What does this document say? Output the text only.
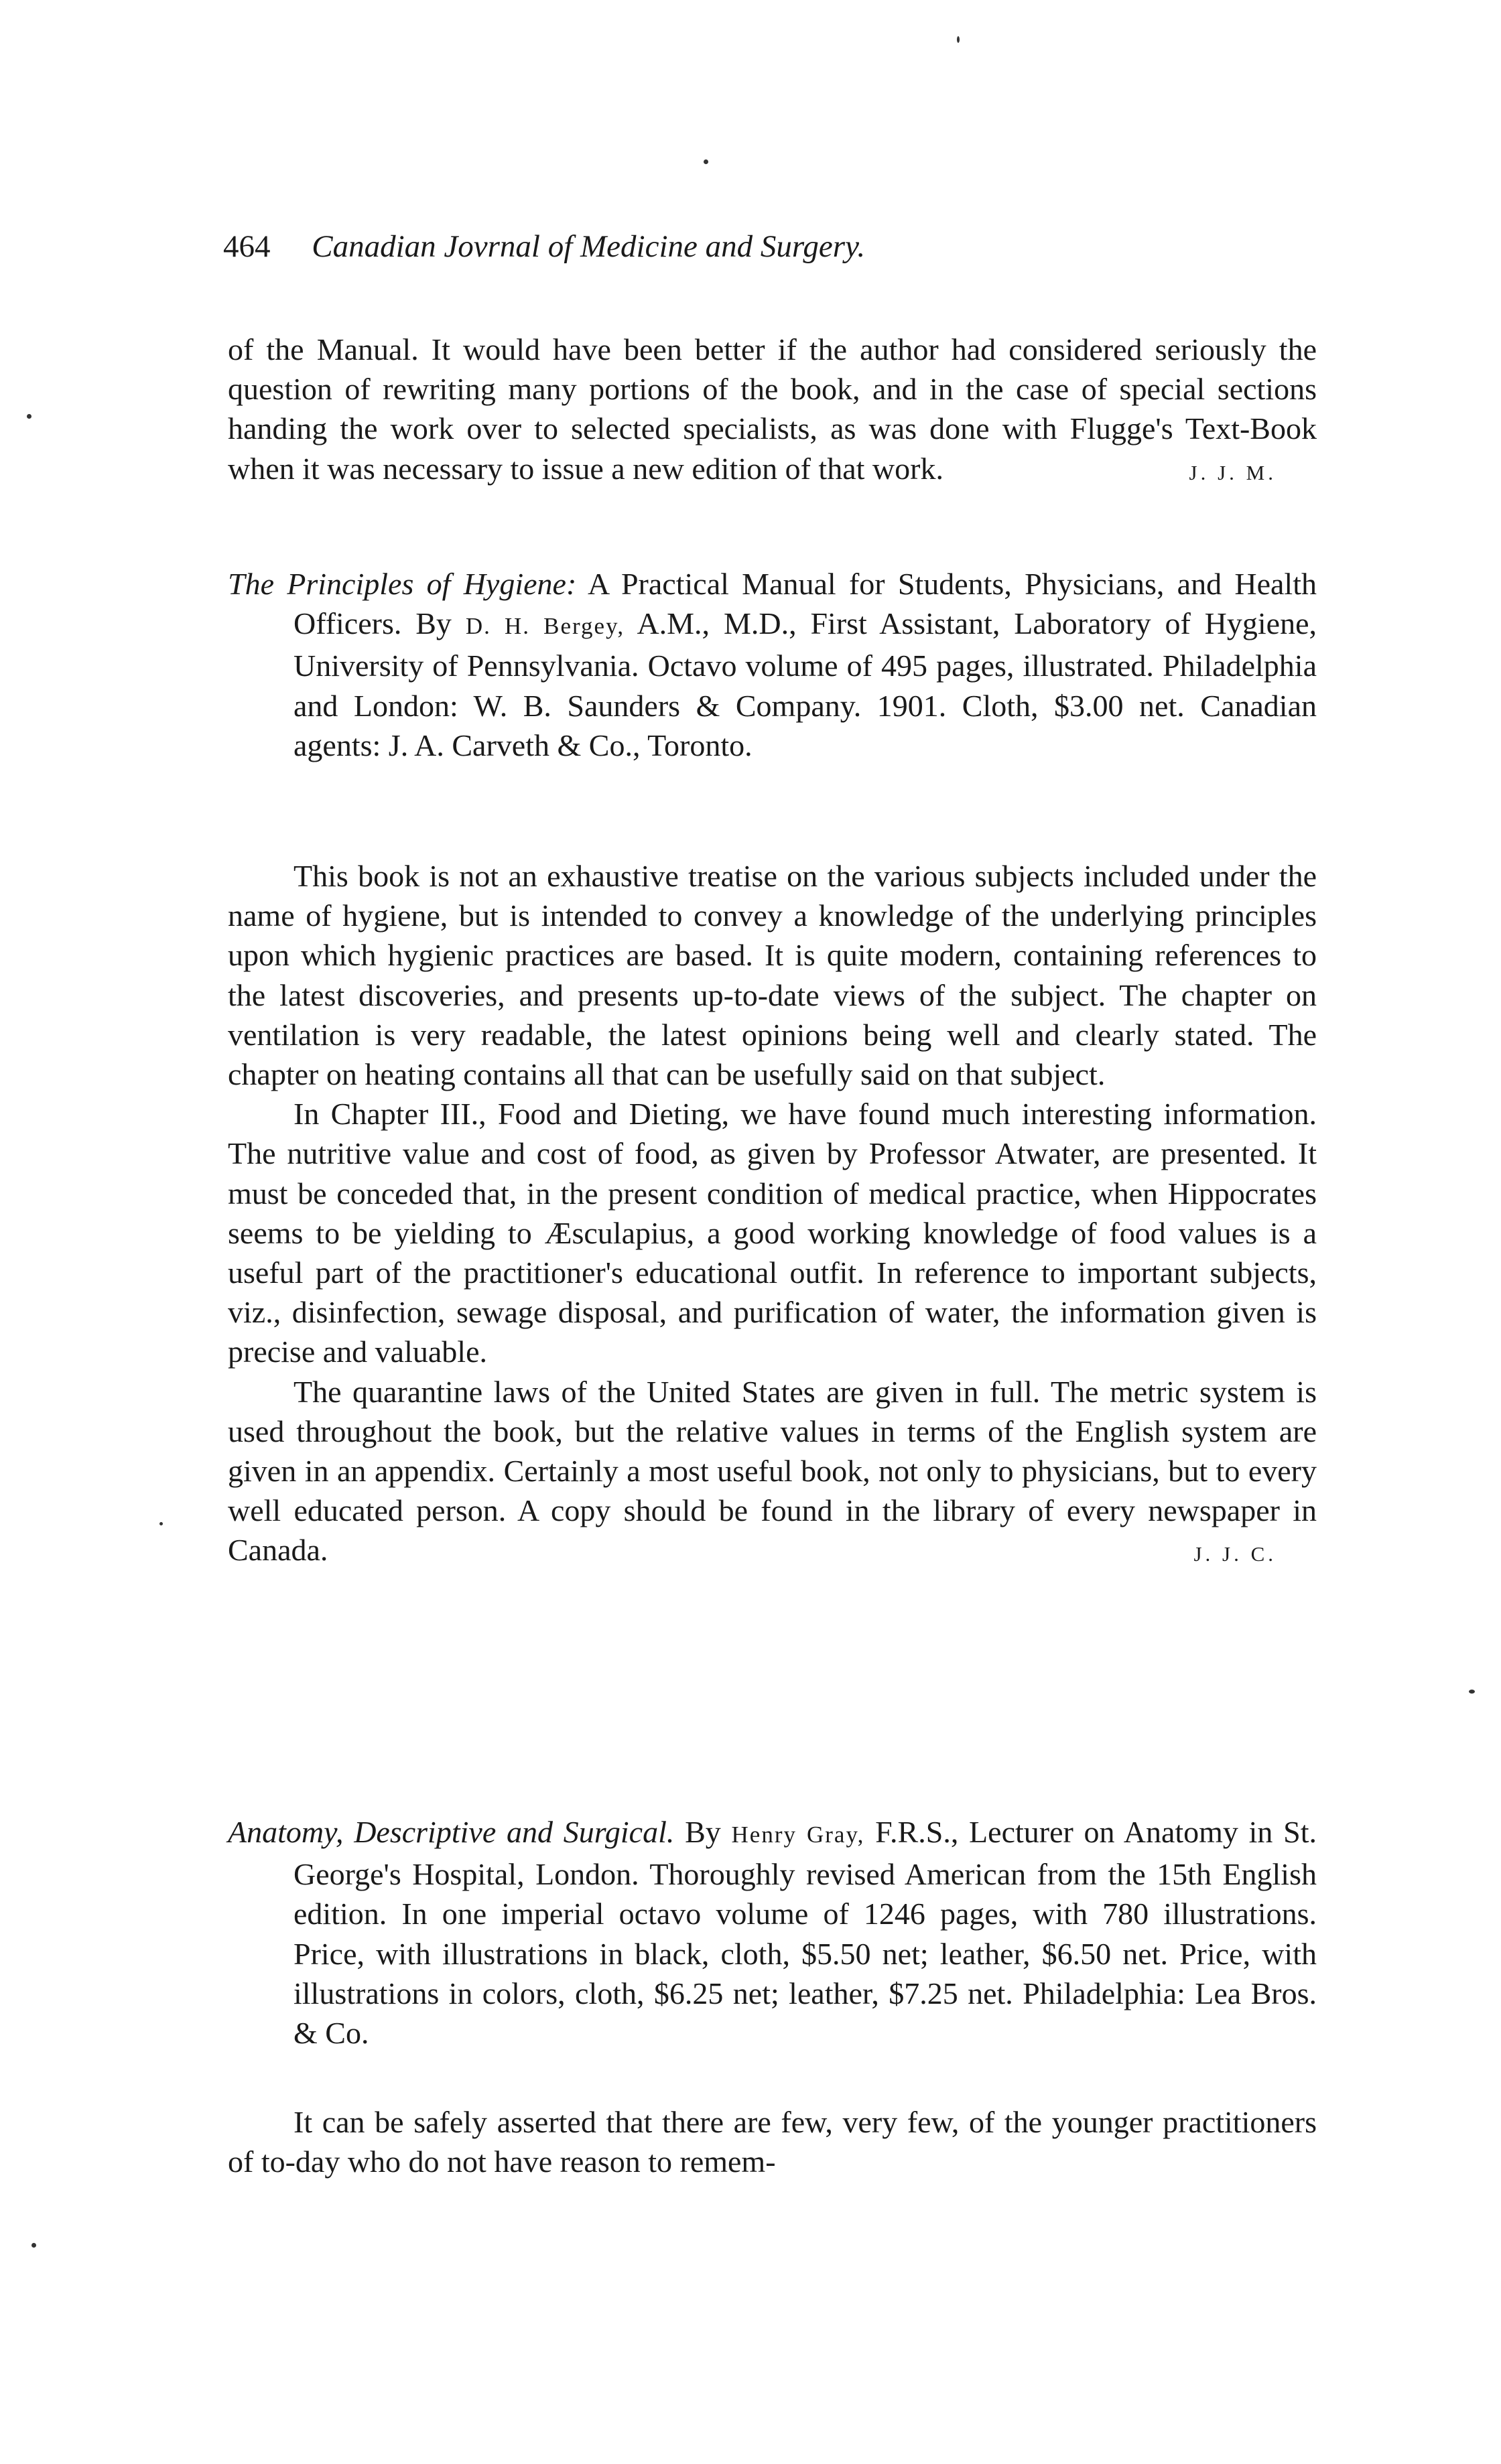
464 Canadian Jovrnal of Medicine and Surgery.

of the Manual. It would have been better if the author had considered seriously the question of rewriting many portions of the book, and in the case of special sections handing the work over to selected specialists, as was done with Flugge's Text-Book when it was necessary to issue a new edition of that work.	J. J. M.

The Principles of Hygiene: A Practical Manual for Students, Physicians, and Health Officers. By D. H. Bergey, A.M., M.D., First Assistant, Laboratory of Hygiene, University of Pennsylvania. Octavo volume of 495 pages, illustrated. Philadelphia and London: W. B. Saunders & Company. 1901. Cloth, $3.00 net. Canadian agents: J. A. Carveth & Co., Toronto.

This book is not an exhaustive treatise on the various subjects included under the name of hygiene, but is intended to convey a knowledge of the underlying principles upon which hygienic practices are based. It is quite modern, containing references to the latest discoveries, and presents up-to-date views of the subject. The chapter on ventilation is very readable, the latest opinions being well and clearly stated. The chapter on heating contains all that can be usefully said on that subject.

In Chapter III., Food and Dieting, we have found much interesting information. The nutritive value and cost of food, as given by Professor Atwater, are presented. It must be conceded that, in the present condition of medical practice, when Hippocrates seems to be yielding to Æsculapius, a good working knowledge of food values is a useful part of the practitioner's educational outfit. In reference to important subjects, viz., disinfection, sewage disposal, and purification of water, the information given is precise and valuable.

The quarantine laws of the United States are given in full. The metric system is used throughout the book, but the relative values in terms of the English system are given in an appendix. Certainly a most useful book, not only to physicians, but to every well educated person. A copy should be found in the library of every newspaper in Canada.	J. J. C.

Anatomy, Descriptive and Surgical. By Henry Gray, F.R.S., Lecturer on Anatomy in St. George's Hospital, London. Thoroughly revised American from the 15th English edition. In one imperial octavo volume of 1246 pages, with 780 illustrations. Price, with illustrations in black, cloth, $5.50 net; leather, $6.50 net. Price, with illustrations in colors, cloth, $6.25 net; leather, $7.25 net. Philadelphia: Lea Bros. & Co.

It can be safely asserted that there are few, very few, of the younger practitioners of to-day who do not have reason to remem-
